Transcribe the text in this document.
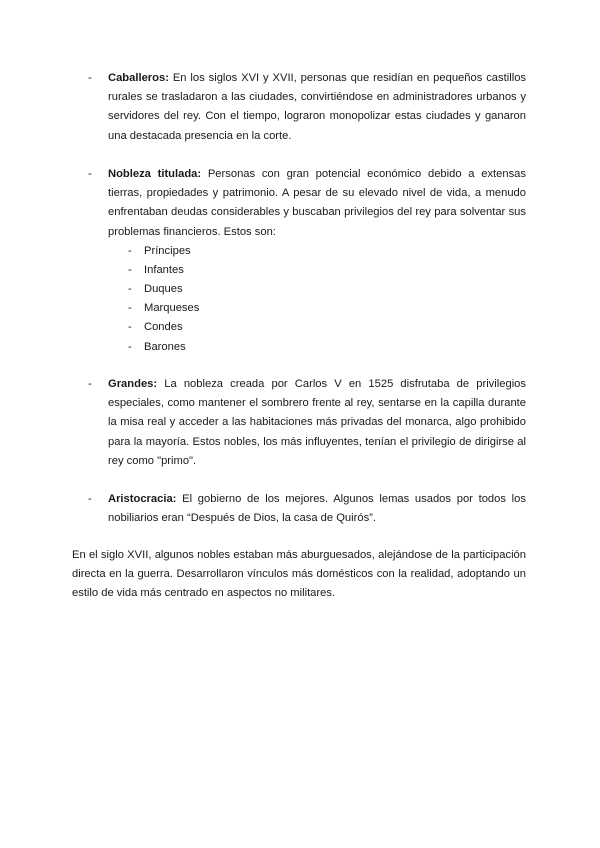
-	Caballeros: En los siglos XVI y XVII, personas que residían en pequeños castillos rurales se trasladaron a las ciudades, convirtiéndose en administradores urbanos y servidores del rey. Con el tiempo, lograron monopolizar estas ciudades y ganaron una destacada presencia en la corte.
-	Nobleza titulada: Personas con gran potencial económico debido a extensas tierras, propiedades y patrimonio. A pesar de su elevado nivel de vida, a menudo enfrentaban deudas considerables y buscaban privilegios del rey para solventar sus problemas financieros. Estos son:
- Príncipes
- Infantes
- Duques
- Marqueses
- Condes
- Barones
-	Grandes: La nobleza creada por Carlos V en 1525 disfrutaba de privilegios especiales, como mantener el sombrero frente al rey, sentarse en la capilla durante la misa real y acceder a las habitaciones más privadas del monarca, algo prohibido para la mayoría. Estos nobles, los más influyentes, tenían el privilegio de dirigirse al rey como "primo".
-	Aristocracia: El gobierno de los mejores. Algunos lemas usados por todos los nobiliarios eran “Después de Dios, la casa de Quirós”.
En el siglo XVII, algunos nobles estaban más aburguesados, alejándose de la participación directa en la guerra. Desarrollaron vínculos más domésticos con la realidad, adoptando un estilo de vida más centrado en aspectos no militares.
